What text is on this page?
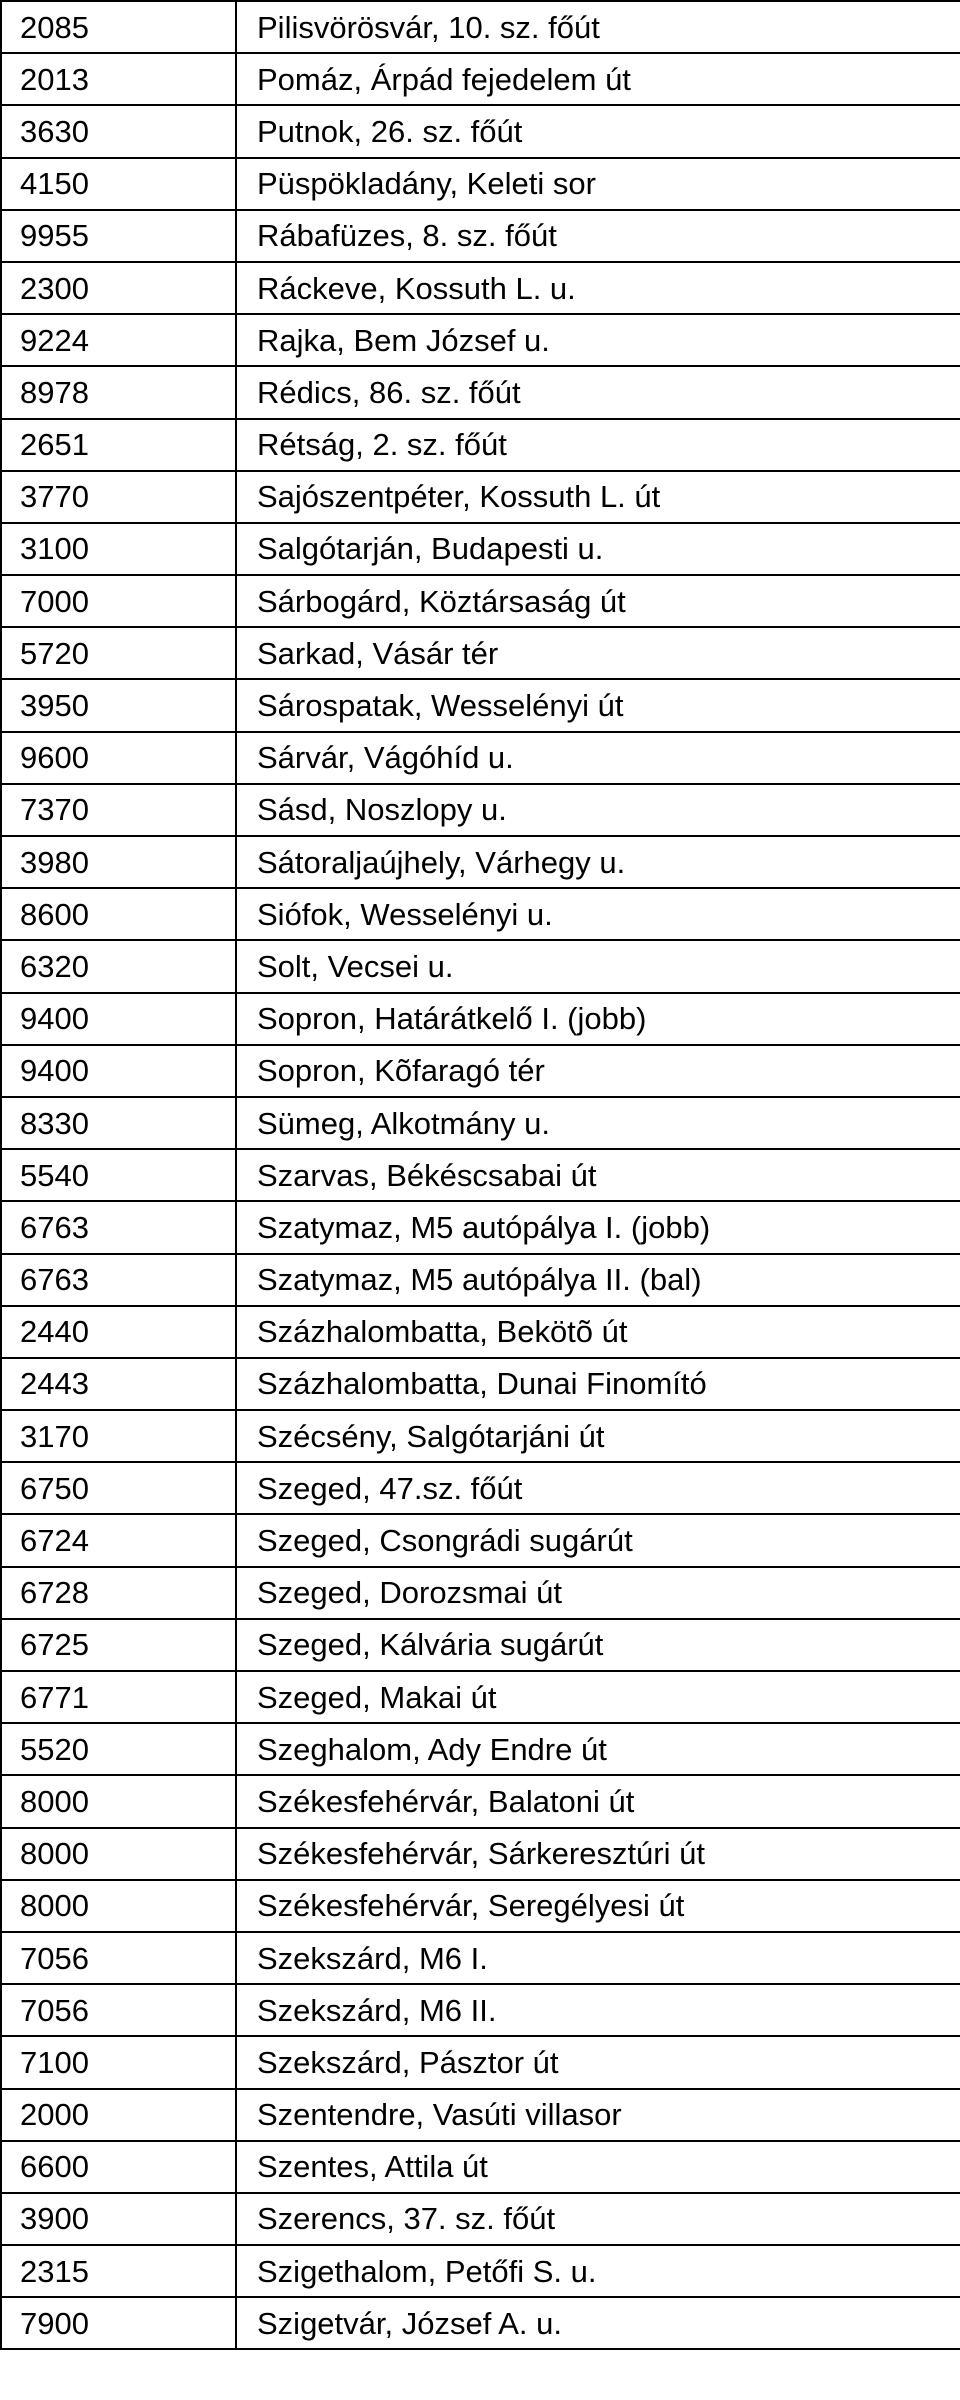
2085	Pilisvörösvár, 10. sz. főút
2013	Pomáz, Árpád fejedelem út
3630	Putnok, 26. sz. főút
4150	Püspökladány, Keleti sor
9955	Rábafüzes, 8. sz. főút
2300	Ráckeve, Kossuth L. u.
9224	Rajka, Bem József u.
8978	Rédics, 86. sz. főút
2651	Rétság, 2. sz. főút
3770	Sajószentpéter, Kossuth L. út
3100	Salgótarján, Budapesti u.
7000	Sárbogárd, Köztársaság út
5720	Sarkad, Vásár tér
3950	Sárospatak, Wesselényi út
9600	Sárvár, Vágóhíd u.
7370	Sásd, Noszlopy u.
3980	Sátoraljaújhely, Várhegy u.
8600	Siófok, Wesselényi u.
6320	Solt, Vecsei u.
9400	Sopron, Határátkelő I. (jobb)
9400	Sopron, Kõfaragó tér
8330	Sümeg, Alkotmány u.
5540	Szarvas, Békéscsabai út
6763	Szatymaz, M5 autópálya I. (jobb)
6763	Szatymaz, M5 autópálya II. (bal)
2440	Százhalombatta, Bekötõ út
2443	Százhalombatta, Dunai Finomító
3170	Szécsény, Salgótarjáni út
6750	Szeged, 47.sz. főút
6724	Szeged, Csongrádi sugárút
6728	Szeged, Dorozsmai út
6725	Szeged, Kálvária sugárút
6771	Szeged, Makai út
5520	Szeghalom, Ady Endre út
8000	Székesfehérvár, Balatoni út
8000	Székesfehérvár, Sárkeresztúri út
8000	Székesfehérvár, Seregélyesi út
7056	Szekszárd, M6 I.
7056	Szekszárd, M6 II.
7100	Szekszárd, Pásztor út
2000	Szentendre, Vasúti villasor
6600	Szentes, Attila út
3900	Szerencs, 37. sz. főút
2315	Szigethalom, Petőfi S. u.
7900	Szigetvár, József A. u.
